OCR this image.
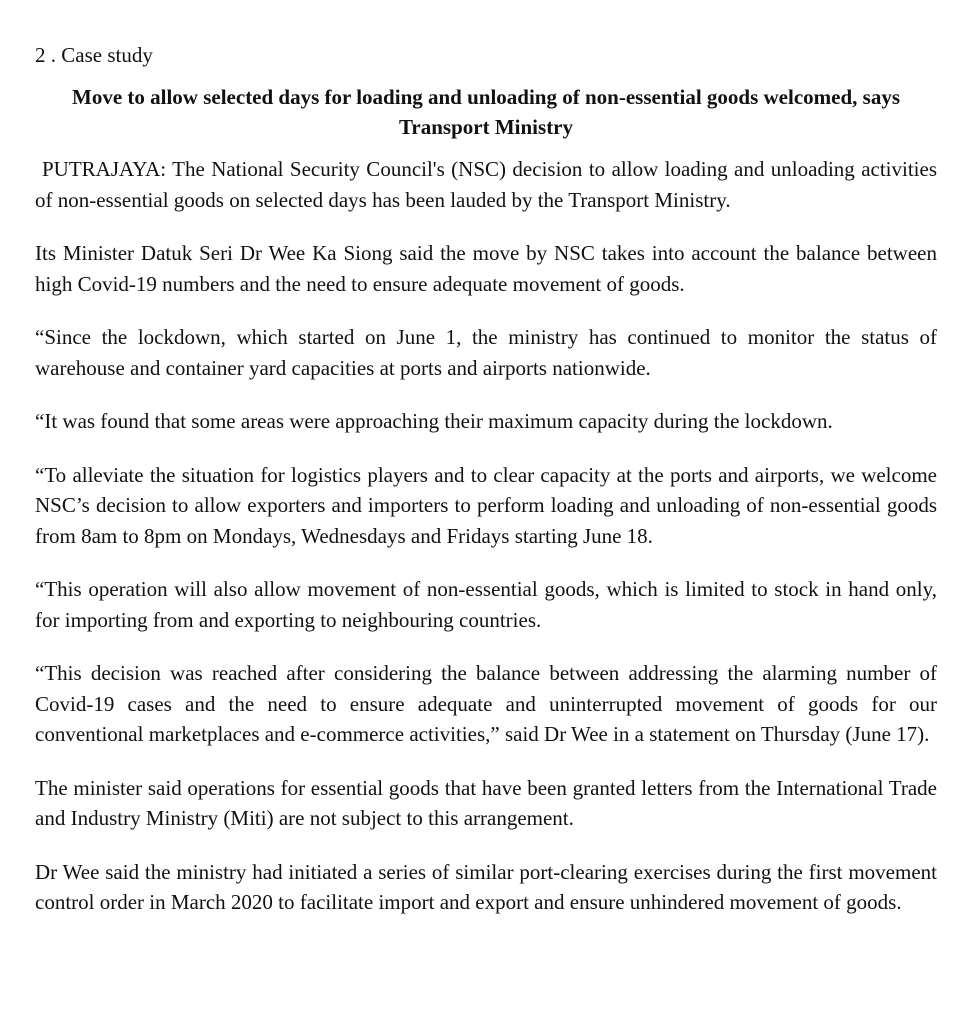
2 . Case study
Move to allow selected days for loading and unloading of non-essential goods welcomed, says Transport Ministry

PUTRAJAYA: The National Security Council's (NSC) decision to allow loading and unloading activities of non-essential goods on selected days has been lauded by the Transport Ministry.

Its Minister Datuk Seri Dr Wee Ka Siong said the move by NSC takes into account the balance between high Covid-19 numbers and the need to ensure adequate movement of goods.

“Since the lockdown, which started on June 1, the ministry has continued to monitor the status of warehouse and container yard capacities at ports and airports nationwide.

“It was found that some areas were approaching their maximum capacity during the lockdown.

“To alleviate the situation for logistics players and to clear capacity at the ports and airports, we welcome NSC’s decision to allow exporters and importers to perform loading and unloading of non-essential goods from 8am to 8pm on Mondays, Wednesdays and Fridays starting June 18.

“This operation will also allow movement of non-essential goods, which is limited to stock in hand only, for importing from and exporting to neighbouring countries.

“This decision was reached after considering the balance between addressing the alarming number of Covid-19 cases and the need to ensure adequate and uninterrupted movement of goods for our conventional marketplaces and e-commerce activities,” said Dr Wee in a statement on Thursday (June 17).

The minister said operations for essential goods that have been granted letters from the International Trade and Industry Ministry (Miti) are not subject to this arrangement.

Dr Wee said the ministry had initiated a series of similar port-clearing exercises during the first movement control order in March 2020 to facilitate import and export and ensure unhindered movement of goods.
